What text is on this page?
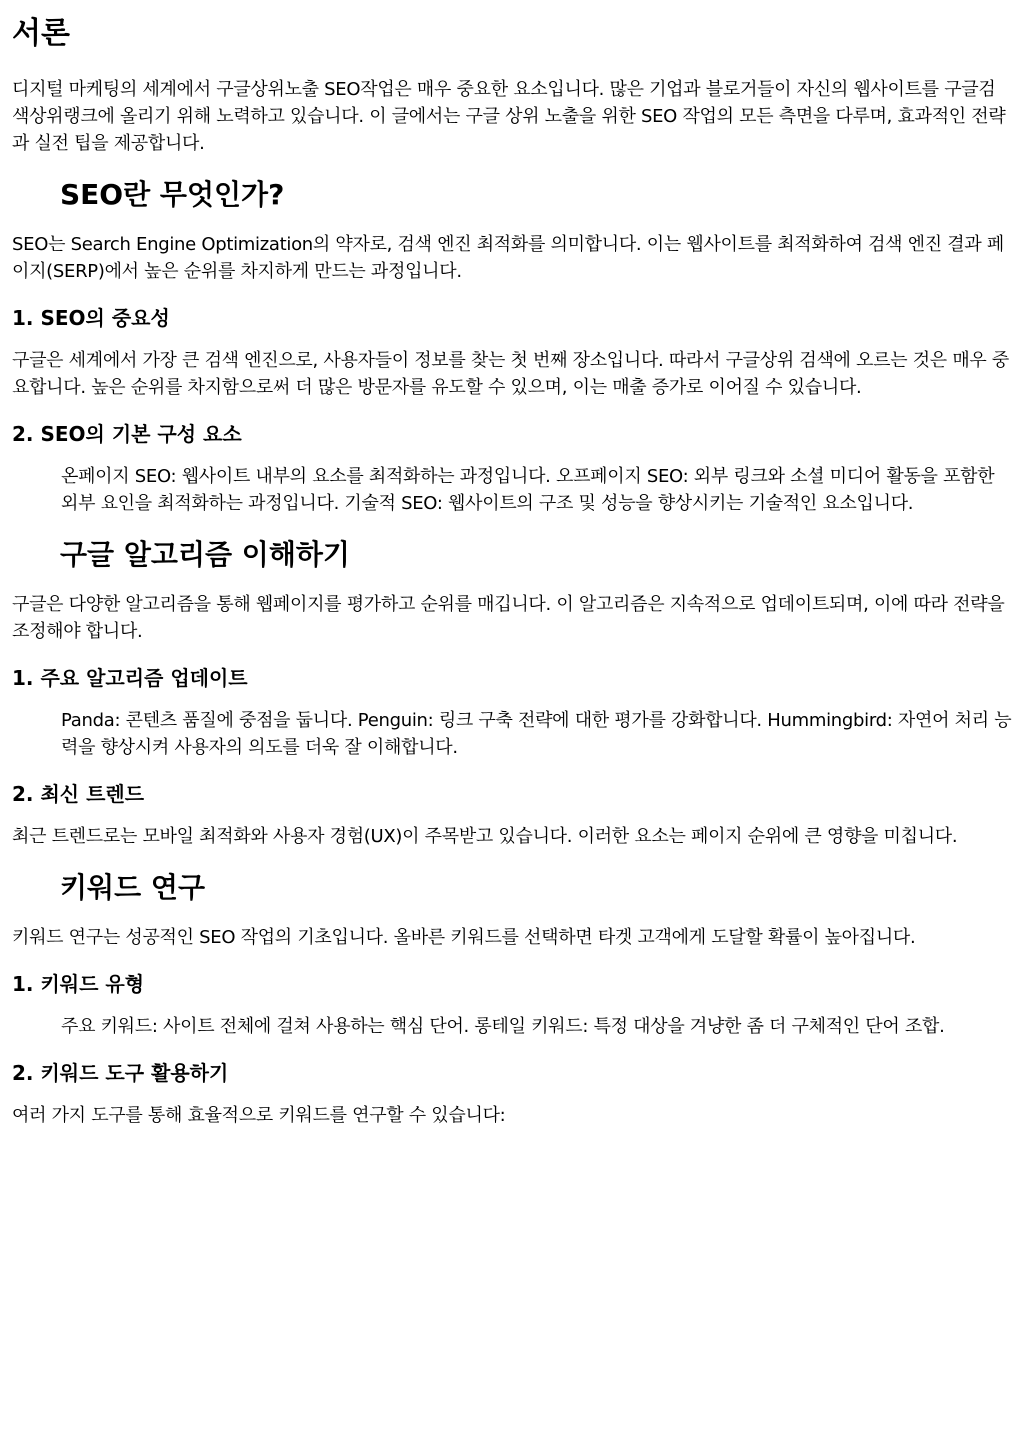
서론

디지털 마케팅의 세계에서 구글상위노출 SEO작업은 매우 중요한 요소입니다. 많은 기업과 블로거들이 자신의 웹사이트를 구글검색상위랭크에 올리기 위해 노력하고 있습니다. 이 글에서는 구글 상위 노출을 위한 SEO 작업의 모든 측면을 다루며, 효과적인 전략과 실전 팁을 제공합니다.

SEO란 무엇인가?

SEO는 Search Engine Optimization의 약자로, 검색 엔진 최적화를 의미합니다. 이는 웹사이트를 최적화하여 검색 엔진 결과 페이지(SERP)에서 높은 순위를 차지하게 만드는 과정입니다.

1. SEO의 중요성

구글은 세계에서 가장 큰 검색 엔진으로, 사용자들이 정보를 찾는 첫 번째 장소입니다. 따라서 구글상위 검색에 오르는 것은 매우 중요합니다. 높은 순위를 차지함으로써 더 많은 방문자를 유도할 수 있으며, 이는 매출 증가로 이어질 수 있습니다.

2. SEO의 기본 구성 요소

온페이지 SEO: 웹사이트 내부의 요소를 최적화하는 과정입니다. 오프페이지 SEO: 외부 링크와 소셜 미디어 활동을 포함한 외부 요인을 최적화하는 과정입니다. 기술적 SEO: 웹사이트의 구조 및 성능을 향상시키는 기술적인 요소입니다.

구글 알고리즘 이해하기

구글은 다양한 알고리즘을 통해 웹페이지를 평가하고 순위를 매깁니다. 이 알고리즘은 지속적으로 업데이트되며, 이에 따라 전략을 조정해야 합니다.

1. 주요 알고리즘 업데이트

Panda: 콘텐츠 품질에 중점을 둡니다. Penguin: 링크 구축 전략에 대한 평가를 강화합니다. Hummingbird: 자연어 처리 능력을 향상시켜 사용자의 의도를 더욱 잘 이해합니다.

2. 최신 트렌드

최근 트렌드로는 모바일 최적화와 사용자 경험(UX)이 주목받고 있습니다. 이러한 요소는 페이지 순위에 큰 영향을 미칩니다.

키워드 연구

키워드 연구는 성공적인 SEO 작업의 기초입니다. 올바른 키워드를 선택하면 타겟 고객에게 도달할 확률이 높아집니다.

1. 키워드 유형

주요 키워드: 사이트 전체에 걸쳐 사용하는 핵심 단어. 롱테일 키워드: 특정 대상을 겨냥한 좀 더 구체적인 단어 조합.

2. 키워드 도구 활용하기

여러 가지 도구를 통해 효율적으로 키워드를 연구할 수 있습니다:
